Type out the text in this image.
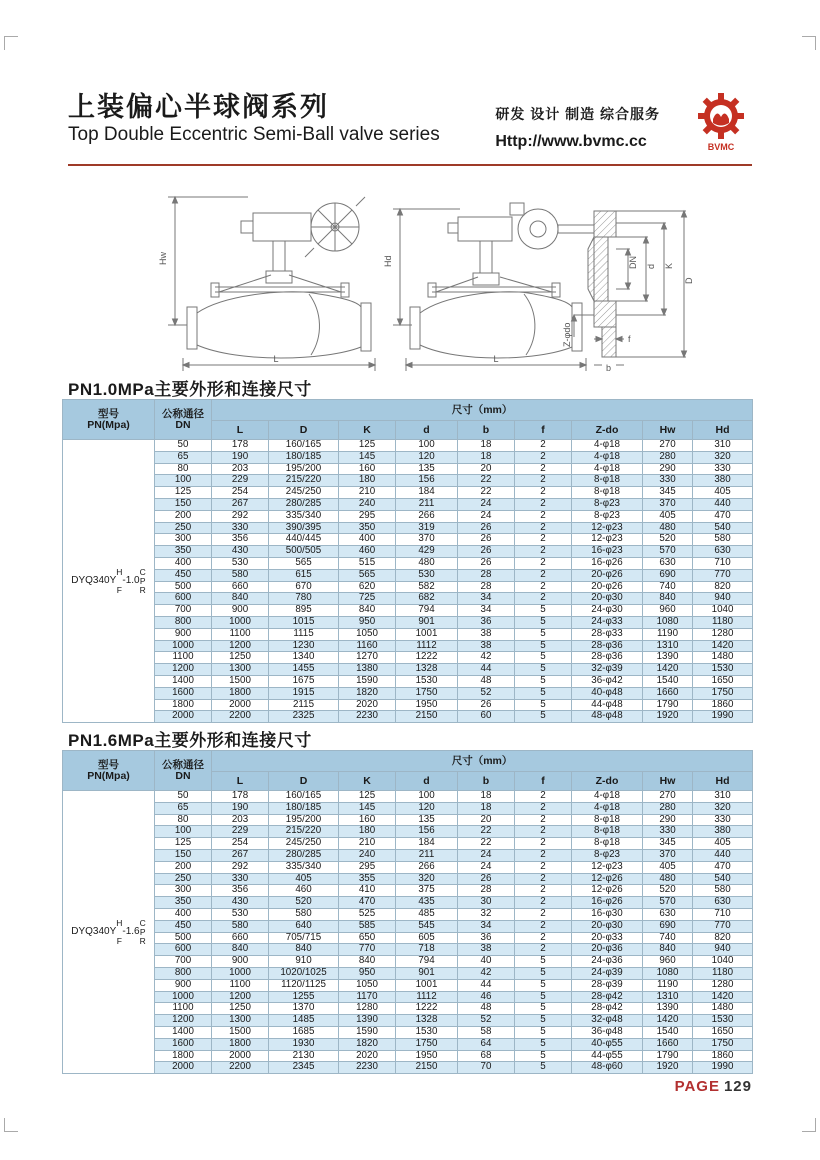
上装偏心半球阀系列
Top Double Eccentric Semi-Ball valve series
研发 设计 制造 综合服务
Http://www.bvmc.cc	BVMC
Hw
L
Hd
L
DN d K
D
Z-φdo	f
b
PN1.0MPa主要外形和连接尺寸
型号
PN(Mpa)

公称通径
DN
	尺寸（mm）
		L	D	K	d	b	f	Z-do	Hw	Hd

DYQ340Y
H
F
-1.0
C
P
R
	50	178	160/165	125	100	18	2	4-φ18	270	310
	65	190	180/185	145	120	18	2	4-φ18	280	320
	80	203	195/200	160	135	20	2	4-φ18	290	330
	100	229	215/220	180	156	22	2	8-φ18	330	380
	125	254	245/250	210	184	22	2	8-φ18	345	405
	150	267	280/285	240	211	24	2	8-φ23	370	440
	200	292	335/340	295	266	24	2	8-φ23	405	470
	250	330	390/395	350	319	26	2	12-φ23	480	540
	300	356	440/445	400	370	26	2	12-φ23	520	580
	350	430	500/505	460	429	26	2	16-φ23	570	630
	400	530	565	515	480	26	2	16-φ26	630	710
	450	580	615	565	530	28	2	20-φ26	690	770
	500	660	670	620	582	28	2	20-φ26	740	820
	600	840	780	725	682	34	2	20-φ30	840	940
	700	900	895	840	794	34	5	24-φ30	960	1040
	800	1000	1015	950	901	36	5	24-φ33	1080	1180
	900	1100	1115	1050	1001	38	5	28-φ33	1190	1280
	1000	1200	1230	1160	1112	38	5	28-φ36	1310	1420
	1100	1250	1340	1270	1222	42	5	28-φ36	1390	1480
	1200	1300	1455	1380	1328	44	5	32-φ39	1420	1530
	1400	1500	1675	1590	1530	48	5	36-φ42	1540	1650
	1600	1800	1915	1820	1750	52	5	40-φ48	1660	1750
	1800	2000	2115	2020	1950	26	5	44-φ48	1790	1860
	2000	2200	2325	2230	2150	60	5	48-φ48	1920	1990
PN1.6MPa主要外形和连接尺寸
型号
PN(Mpa)

公称通径
DN
	尺寸（mm）
		L	D	K	d	b	f	Z-do	Hw	Hd

DYQ340Y
H
F
-1.6
C
P
R
	50	178	160/165	125	100	18	2	4-φ18	270	310
	65	190	180/185	145	120	18	2	4-φ18	280	320
	80	203	195/200	160	135	20	2	8-φ18	290	330
	100	229	215/220	180	156	22	2	8-φ18	330	380
	125	254	245/250	210	184	22	2	8-φ18	345	405
	150	267	280/285	240	211	24	2	8-φ23	370	440
	200	292	335/340	295	266	24	2	12-φ23	405	470
	250	330	405	355	320	26	2	12-φ26	480	540
	300	356	460	410	375	28	2	12-φ26	520	580
	350	430	520	470	435	30	2	16-φ26	570	630
	400	530	580	525	485	32	2	16-φ30	630	710
	450	580	640	585	545	34	2	20-φ30	690	770
	500	660	705/715	650	605	36	2	20-φ33	740	820
	600	840	840	770	718	38	2	20-φ36	840	940
	700	900	910	840	794	40	5	24-φ36	960	1040
	800	1000	1020/1025	950	901	42	5	24-φ39	1080	1180
	900	1100	1120/1125	1050	1001	44	5	28-φ39	1190	1280
	1000	1200	1255	1170	1112	46	5	28-φ42	1310	1420
	1100	1250	1370	1280	1222	48	5	28-φ42	1390	1480
	1200	1300	1485	1390	1328	52	5	32-φ48	1420	1530
	1400	1500	1685	1590	1530	58	5	36-φ48	1540	1650
	1600	1800	1930	1820	1750	64	5	40-φ55	1660	1750
	1800	2000	2130	2020	1950	68	5	44-φ55	1790	1860
	2000	2200	2345	2230	2150	70	5	48-φ60	1920	1990
PAGE 129
